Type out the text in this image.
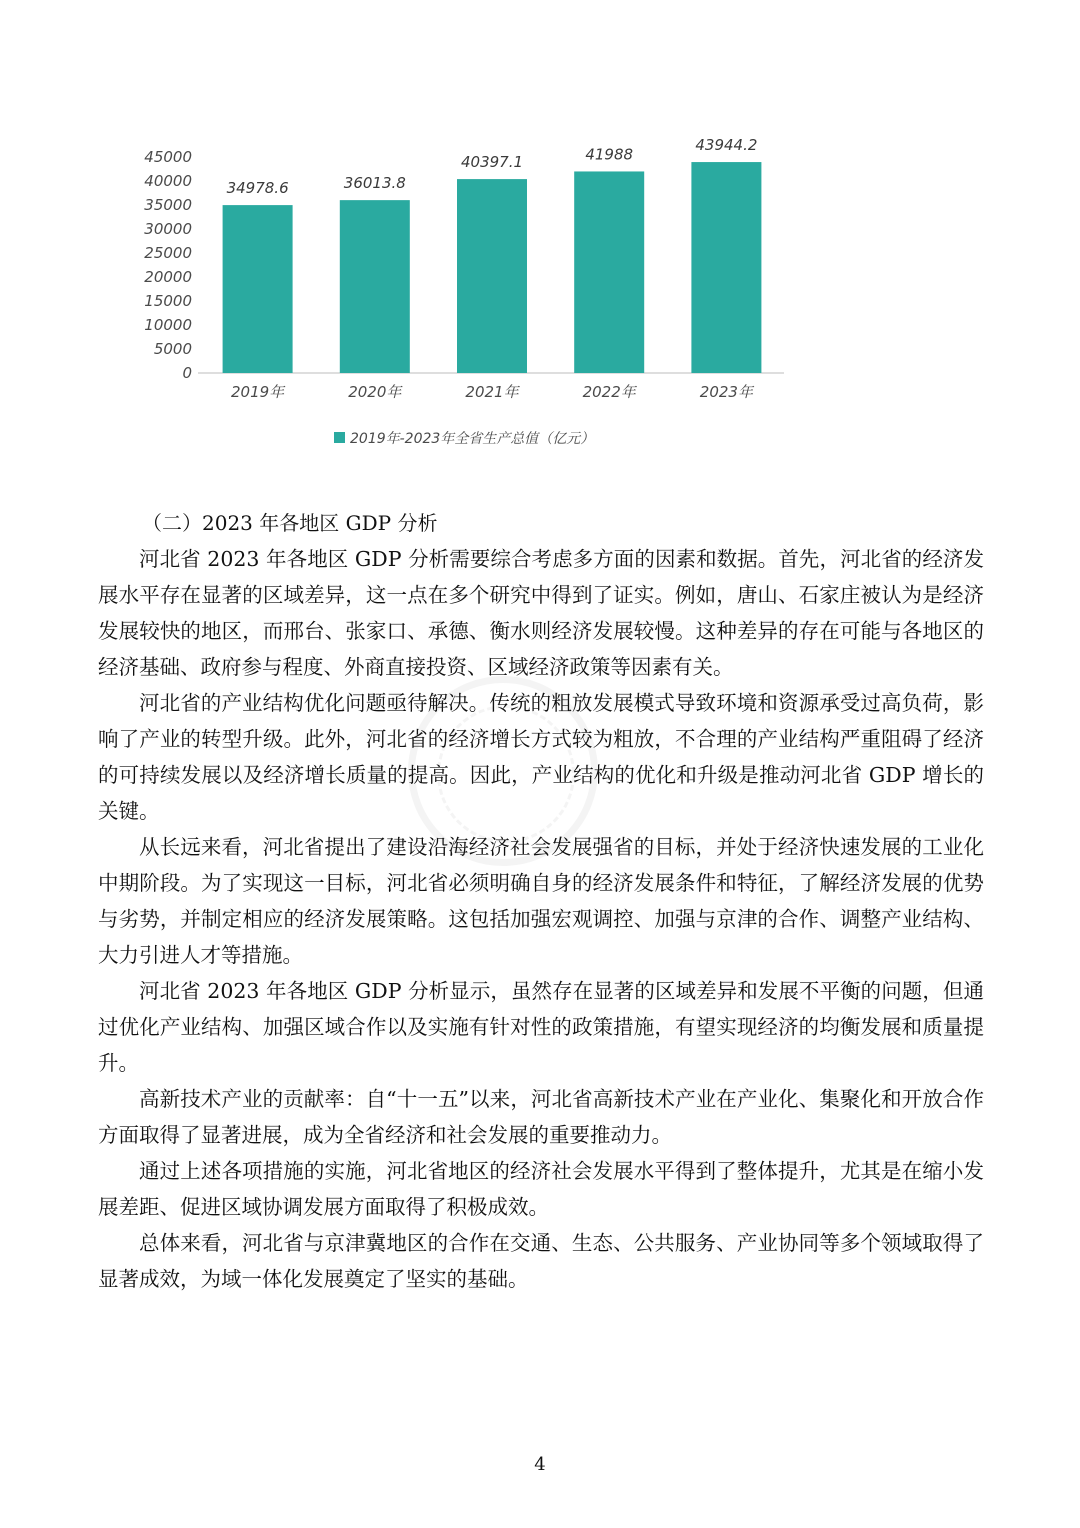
0
5000
10000
15000
20000
25000
30000
35000
40000
45000
34978.6	36013.8
40397.1	41988
43944.2
2019年	2020年	2021年	2022年	2023年
2019年-2023年全省生产总值（亿元）

（二）2023 年各地区 GDP 分析

河北省 2023 年各地区 GDP 分析需要综合考虑多方面的因素和数据。首先，河北省的经济发展水平存在显著的区域差异，这一点在多个研究中得到了证实。例如，唐山、石家庄被认为是经济发展较快的地区，而邢台、张家口、承德、衡水则经济发展较慢。这种差异的存在可能与各地区的经济基础、政府参与程度、外商直接投资、区域经济政策等因素有关。

河北省的产业结构优化问题亟待解决。传统的粗放发展模式导致环境和资源承受过高负荷，影响了产业的转型升级。此外，河北省的经济增长方式较为粗放，不合理的产业结构严重阻碍了经济的可持续发展以及经济增长质量的提高。因此，产业结构的优化和升级是推动河北省 GDP 增长的关键。

从长远来看，河北省提出了建设沿海经济社会发展强省的目标，并处于经济快速发展的工业化中期阶段。为了实现这一目标，河北省必须明确自身的经济发展条件和特征，了解经济发展的优势与劣势，并制定相应的经济发展策略。这包括加强宏观调控、加强与京津的合作、调整产业结构、大力引进人才等措施。

河北省 2023 年各地区 GDP 分析显示，虽然存在显著的区域差异和发展不平衡的问题，但通过优化产业结构、加强区域合作以及实施有针对性的政策措施，有望实现经济的均衡发展和质量提升。

高新技术产业的贡献率：自“十一五”以来，河北省高新技术产业在产业化、集聚化和开放合作方面取得了显著进展，成为全省经济和社会发展的重要推动力。

通过上述各项措施的实施，河北省地区的经济社会发展水平得到了整体提升，尤其是在缩小发展差距、促进区域协调发展方面取得了积极成效。

总体来看，河北省与京津冀地区的合作在交通、生态、公共服务、产业协同等多个领域取得了显著成效，为域一体化发展奠定了坚实的基础。

4
